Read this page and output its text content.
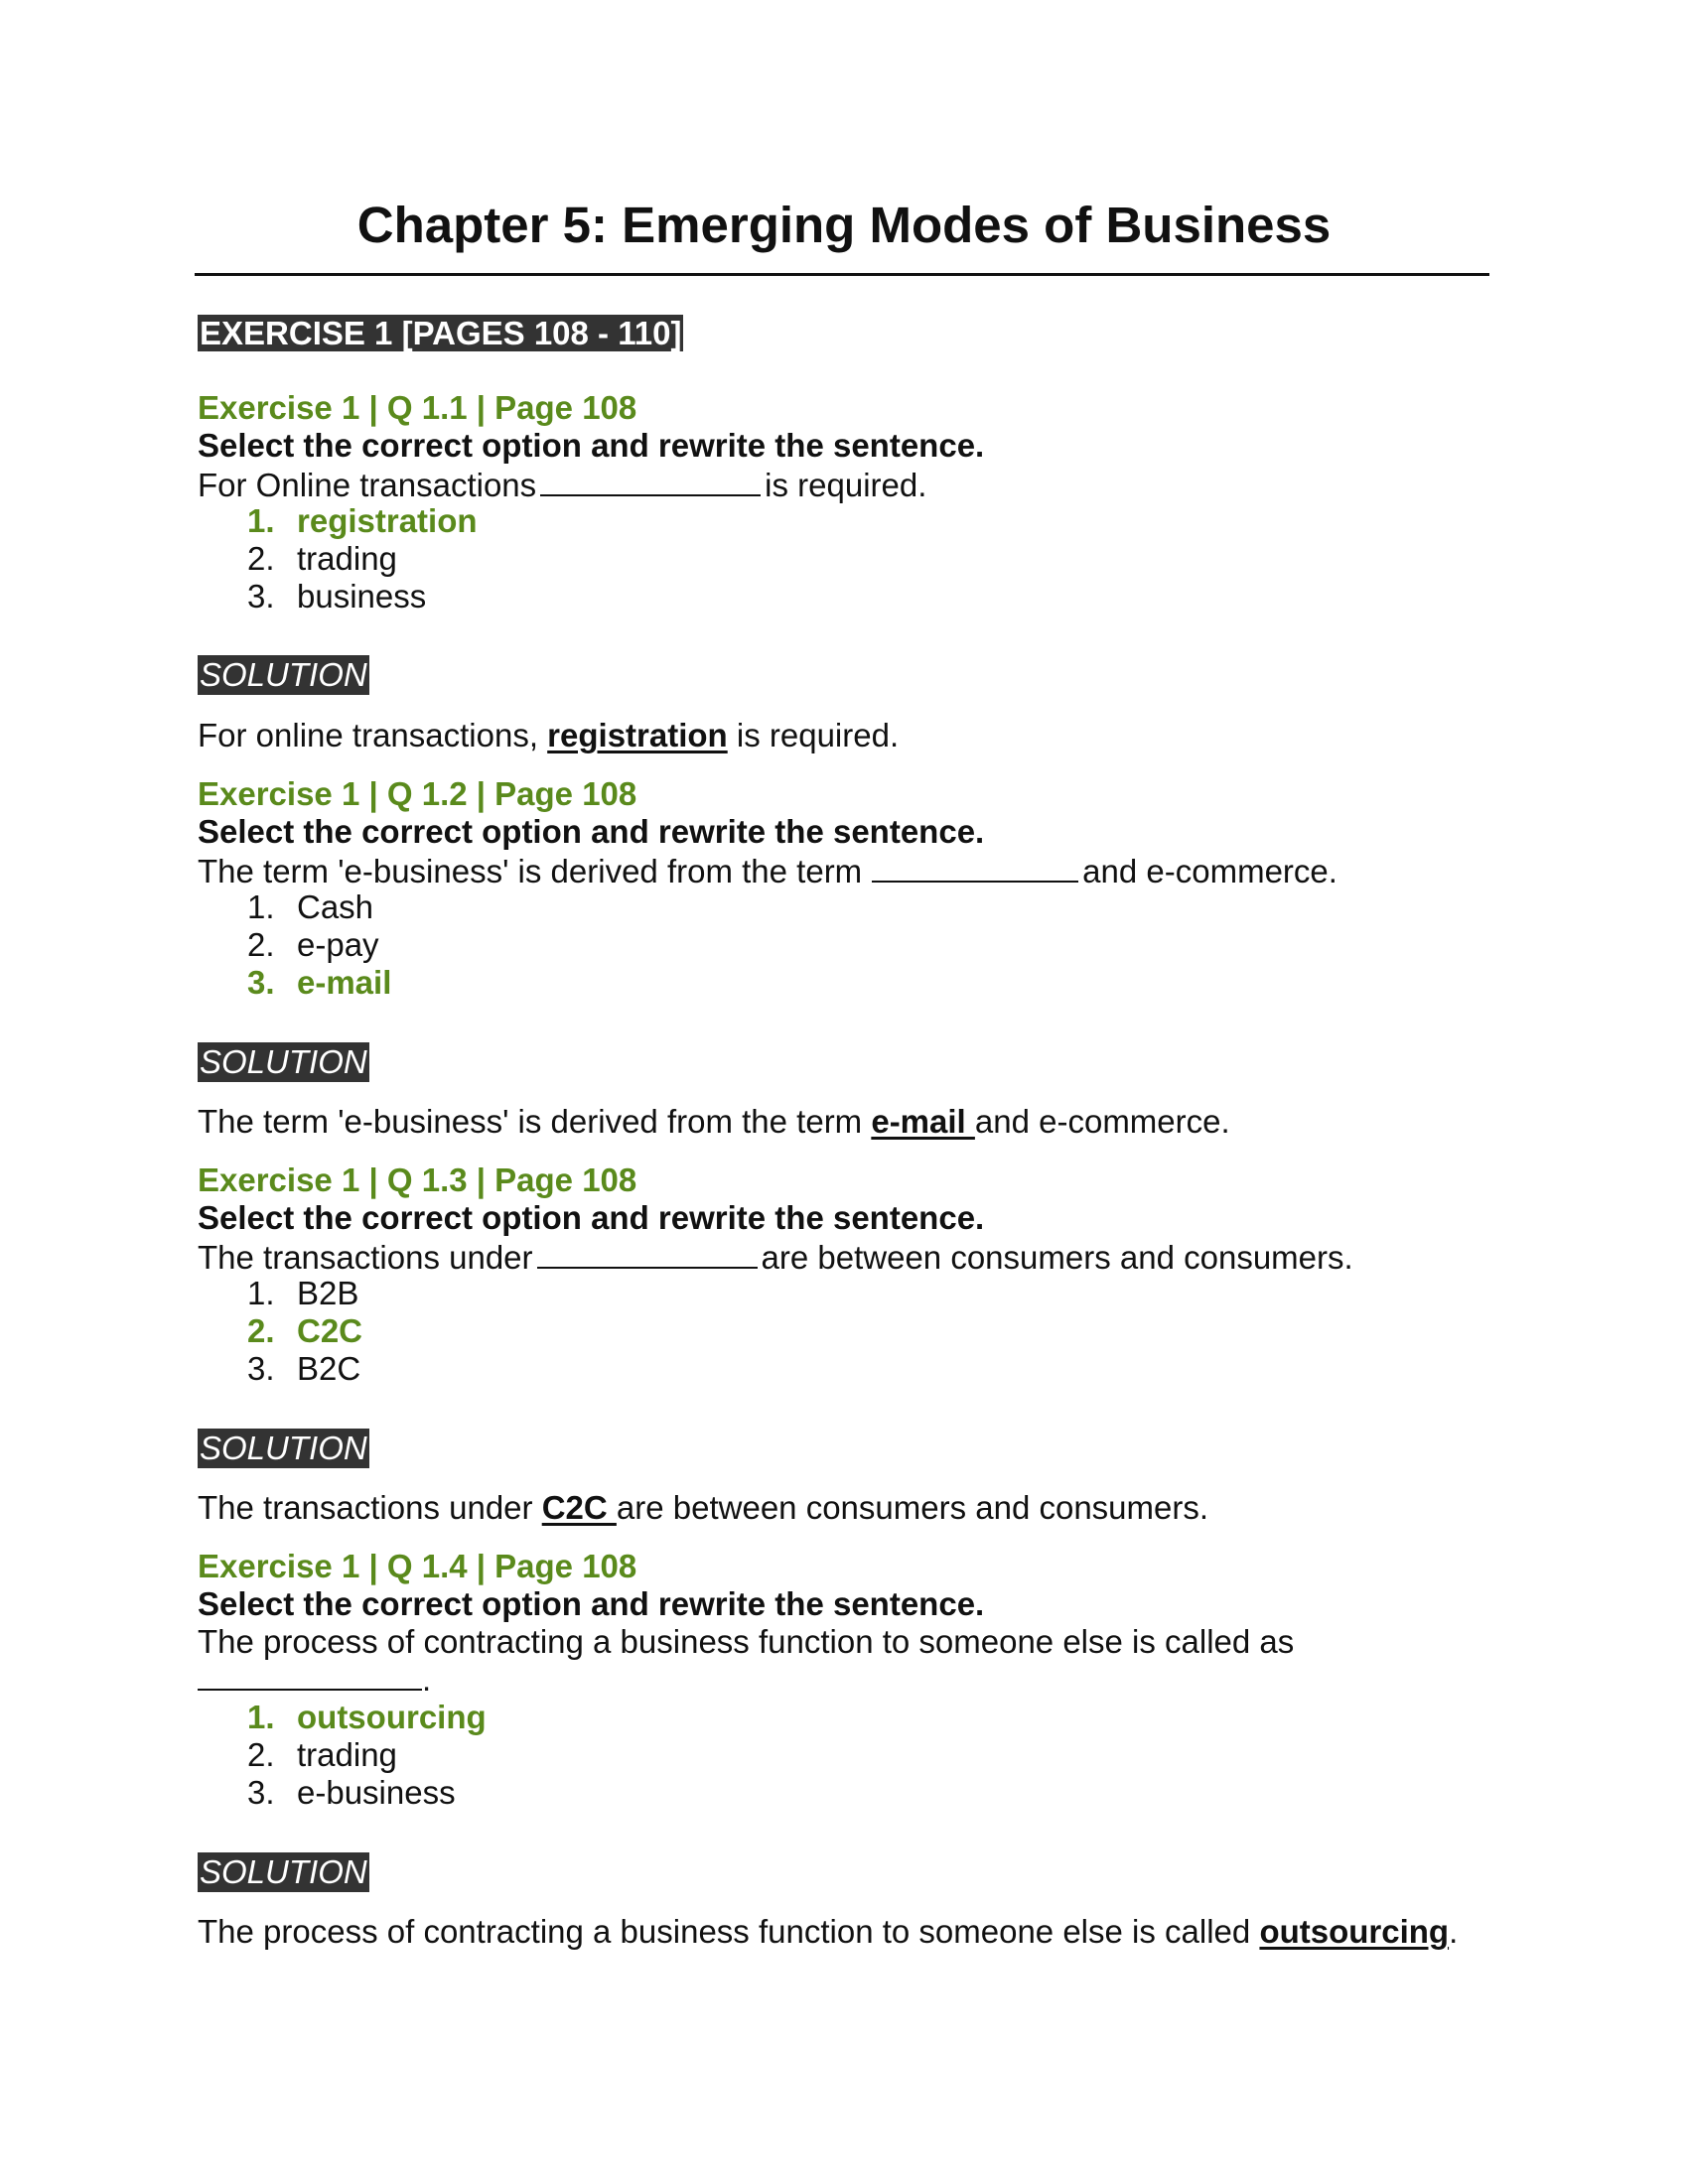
Chapter 5: Emerging Modes of Business
EXERCISE 1 [PAGES 108 - 110]
Exercise 1 | Q 1.1 | Page 108
Select the correct option and rewrite the sentence.
For Online transactions	is required.
1. registration
2. trading
3. business
SOLUTION
For online transactions, registration is required.
Exercise 1 | Q 1.2 | Page 108
Select the correct option and rewrite the sentence.
The term 'e-business' is derived from the term	and e-commerce.
1. Cash
2. e-pay
3. e-mail
SOLUTION
The term 'e-business' is derived from the term e-mail and e-commerce.
Exercise 1 | Q 1.3 | Page 108
Select the correct option and rewrite the sentence.
The transactions under	are between consumers and consumers.
1. B2B
2. C2C
3. B2C
SOLUTION
The transactions under C2C are between consumers and consumers.
Exercise 1 | Q 1.4 | Page 108
Select the correct option and rewrite the sentence.
The process of contracting a business function to someone else is called as
.
1. outsourcing
2. trading
3. e-business
SOLUTION
The process of contracting a business function to someone else is called outsourcing.
